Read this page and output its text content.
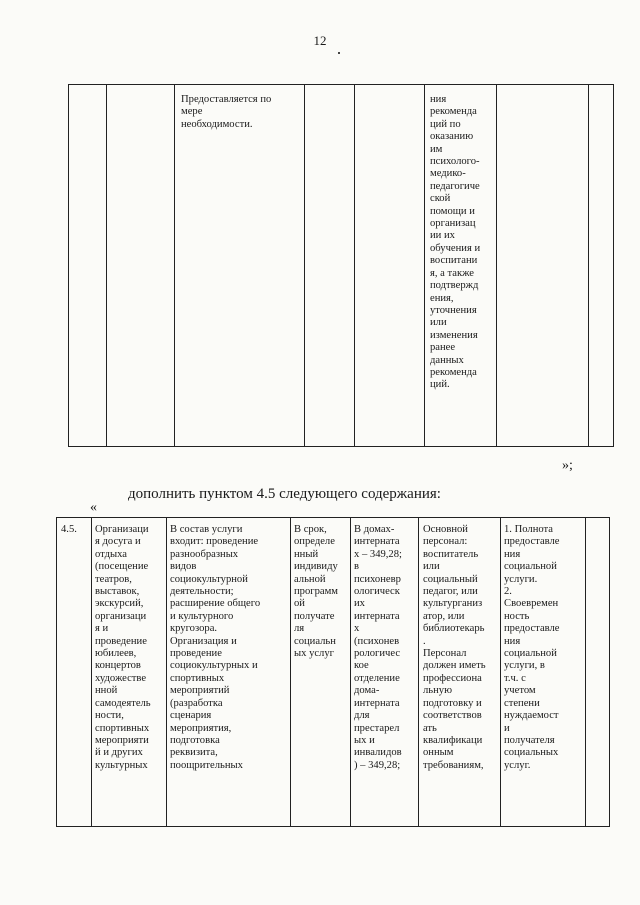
12
Предоставляется по
мере
необходимости.
ния
рекоменда
ций по
оказанию
им
психолого-
медико-
педагогиче
ской
помощи и
организац
ии их
обучения и
воспитани
я, а также
подтвержд
ения,
уточнения
или
изменения
ранее
данных
рекоменда
ций.
»;
дополнить пунктом 4.5 следующего содержания:
«
4.5.	Организаци
я досуга и
отдыха
(посещение
театров,
выставок,
экскурсий,
организаци
я и
проведение
юбилеев,
концертов
художестве
нной
самодеятель
ности,
спортивных
мероприяти
й и других
культурных
В состав услуги
входит: проведение
разнообразных
видов
социокультурной
деятельности;
расширение общего
и культурного
кругозора.
Организация и
проведение
социокультурных и
спортивных
мероприятий
(разработка
сценария
мероприятия,
подготовка
реквизита,
поощрительных
В срок,
определе
нный
индивиду
альной
программ
ой
получате
ля
социальн
ых услуг
В домах-
интерната
х – 349,28;
в
психоневр
ологическ
их
интерната
х
(психонев
рологичес
кое
отделение
дома-
интерната
для
престарел
ых и
инвалидов
) – 349,28;
Основной
персонал:
воспитатель
или
социальный
педагог, или
культурганиз
атор, или
библиотекарь
.
Персонал
должен иметь
профессиона
льную
подготовку и
соответствов
ать
квалификаци
онным
требованиям,
1. Полнота
предоставле
ния
социальной
услуги.
2.
Своевремен
ность
предоставле
ния
социальной
услуги, в
т.ч. с
учетом
степени
нуждаемост
и
получателя
социальных
услуг.
